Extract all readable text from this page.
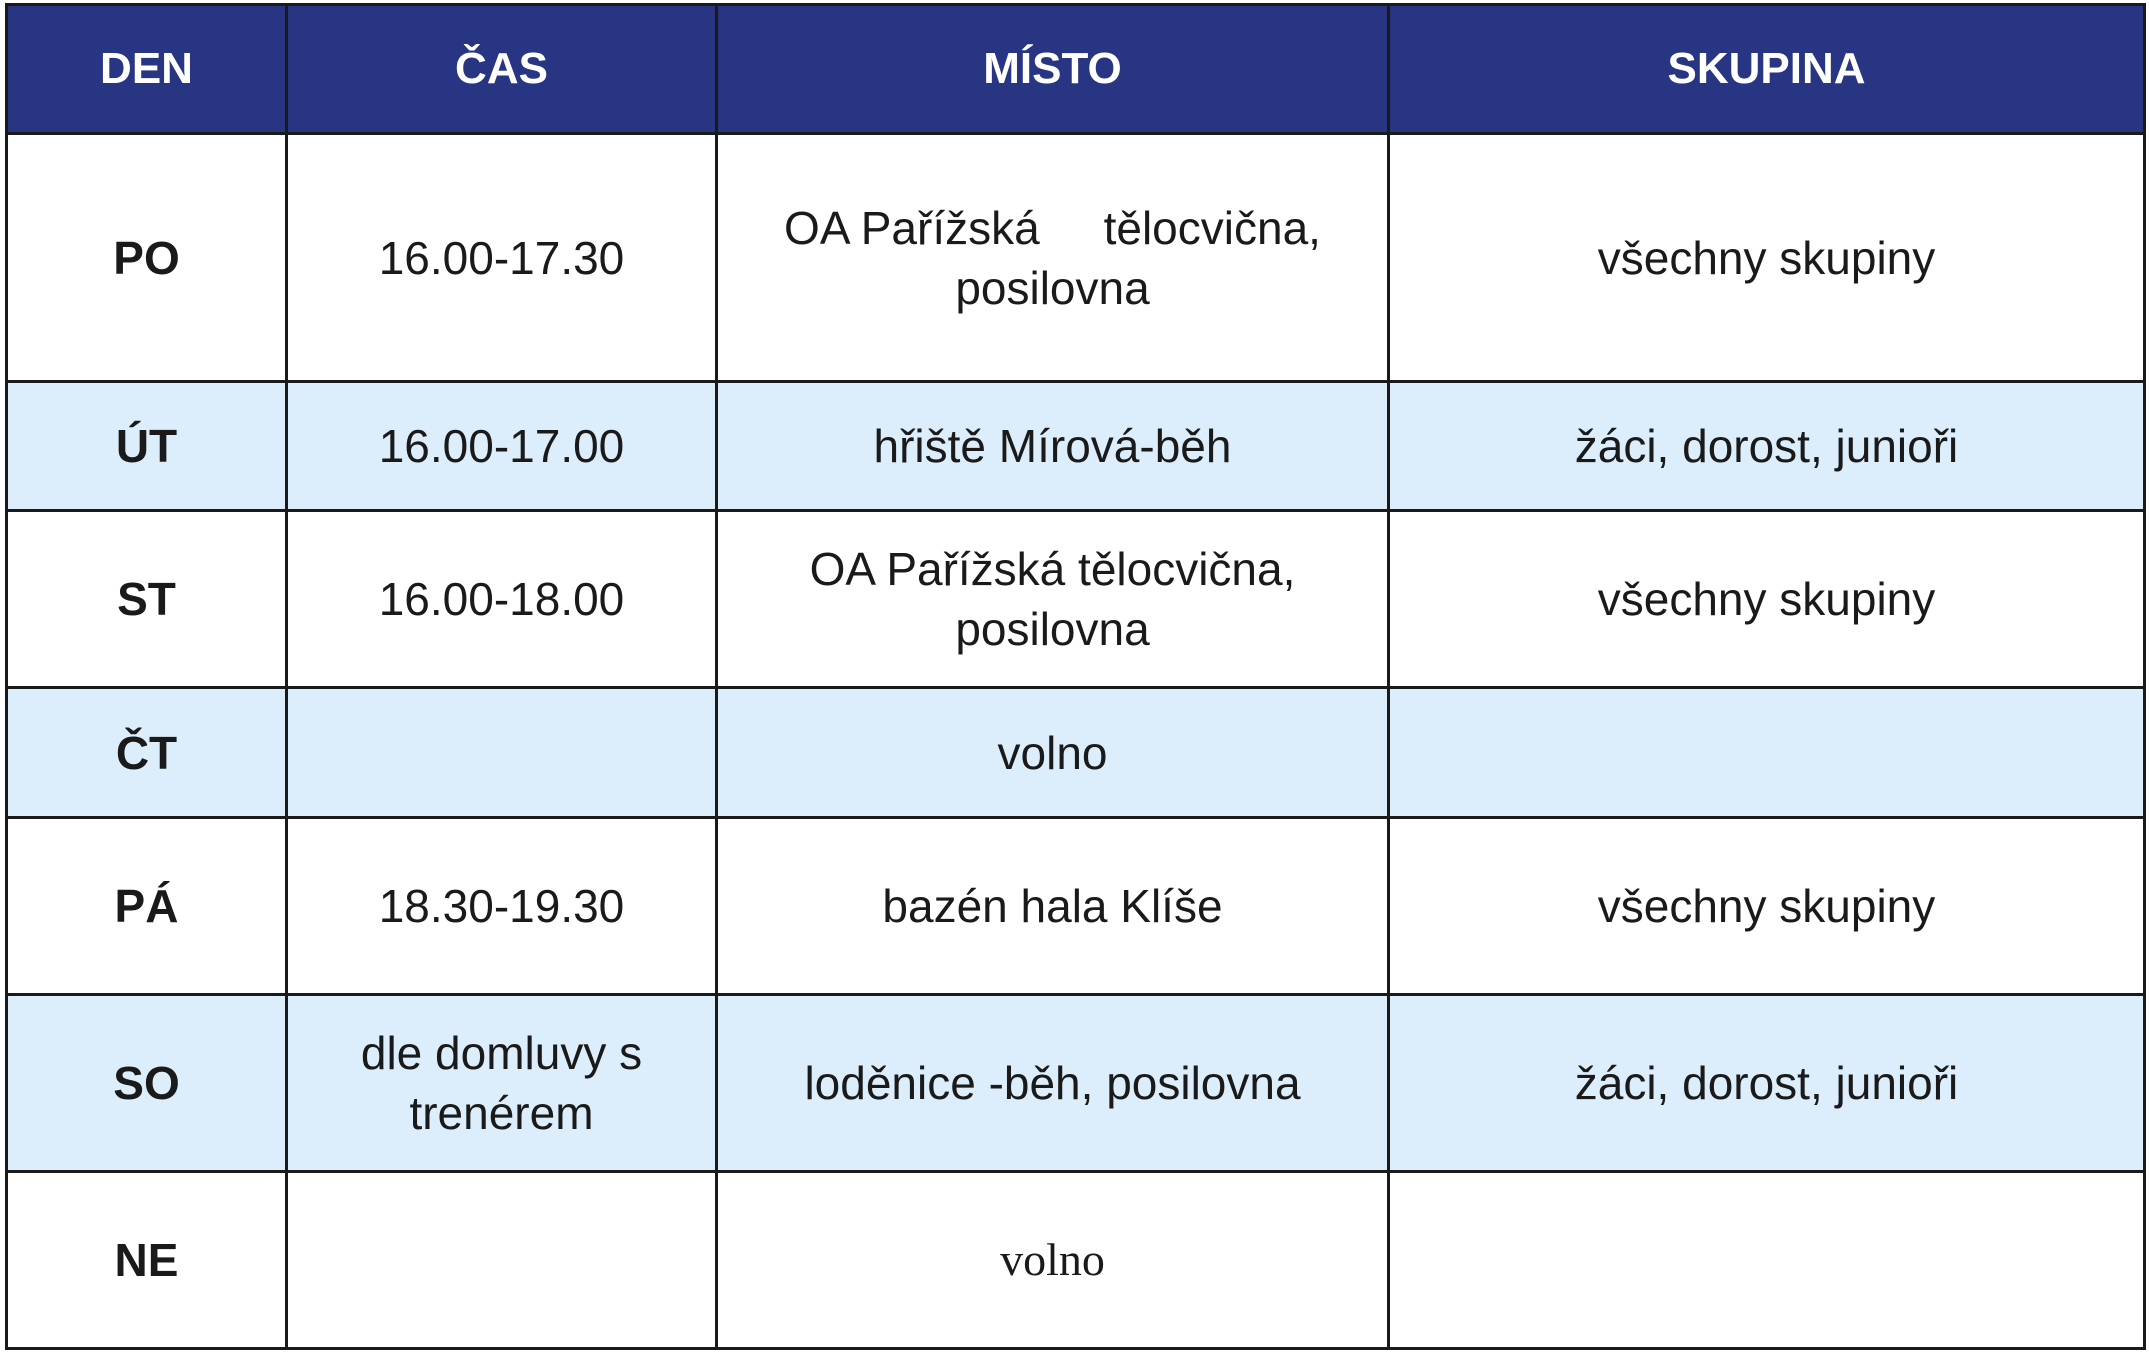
DEN	ČAS	MÍSTO	SKUPINA
PO	16.00-17.30	OA Pařížská     tělocvična, posilovna	všechny skupiny
ÚT	16.00-17.00	hřiště Mírová-běh	žáci, dorost, junioři
ST	16.00-18.00	OA Pařížská tělocvična, posilovna	všechny skupiny
ČT		volno	
PÁ	18.30-19.30	bazén hala Klíše	všechny skupiny
SO	dle domluvy s trenérem	loděnice -běh, posilovna	žáci, dorost, junioři
NE		volno	
